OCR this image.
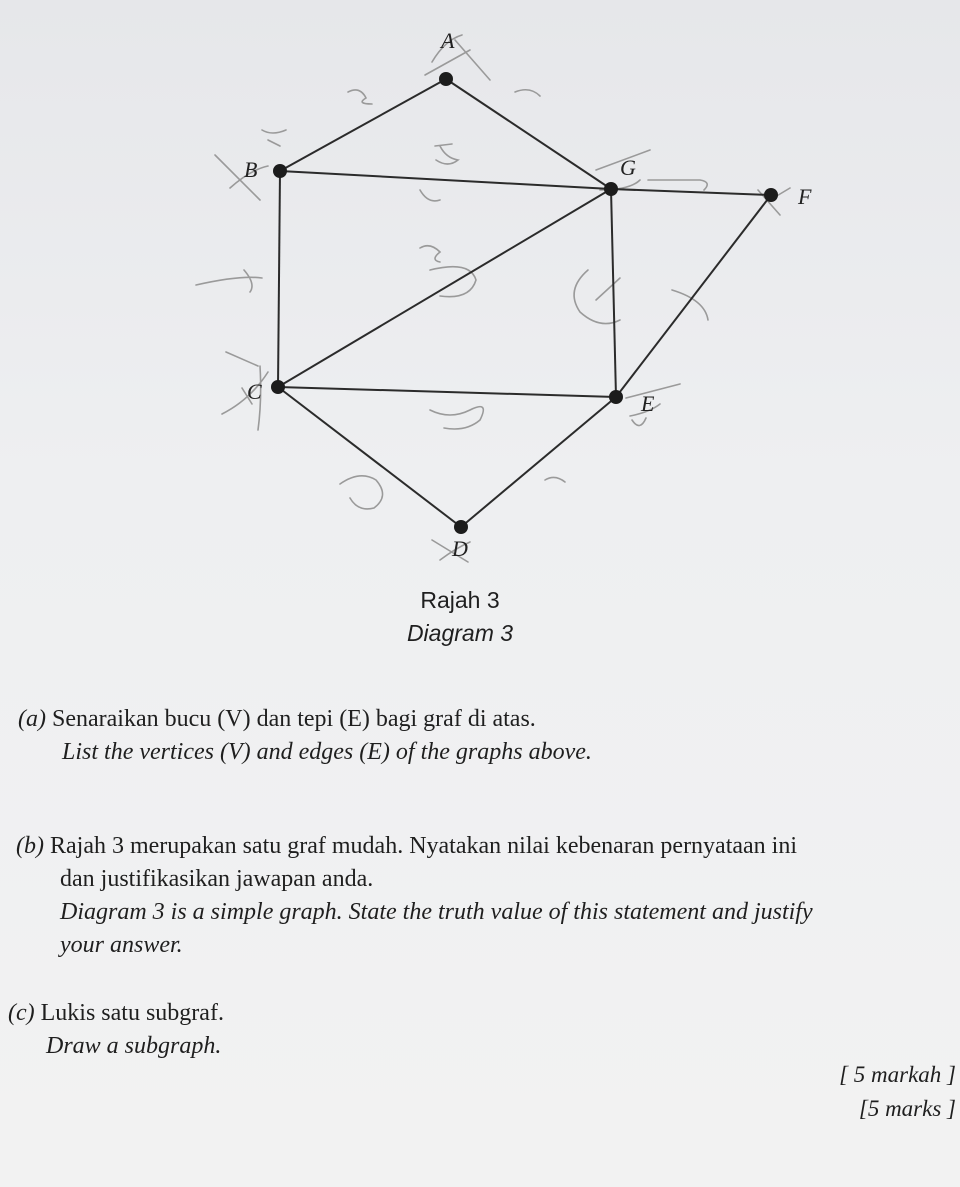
A
B	G
F
C	E
D
Rajah 3
Diagram 3
(a) Senaraikan bucu (V) dan tepi (E) bagi graf di atas.
List the vertices (V) and edges (E) of the graphs above.
(b) Rajah 3 merupakan satu graf mudah. Nyatakan nilai kebenaran pernyataan ini
dan justifikasikan jawapan anda.
Diagram 3 is a simple graph. State the truth value of this statement and justify
your answer.
(c) Lukis satu subgraf.
Draw a subgraph.
[ 5 markah ]
[5 marks ]
